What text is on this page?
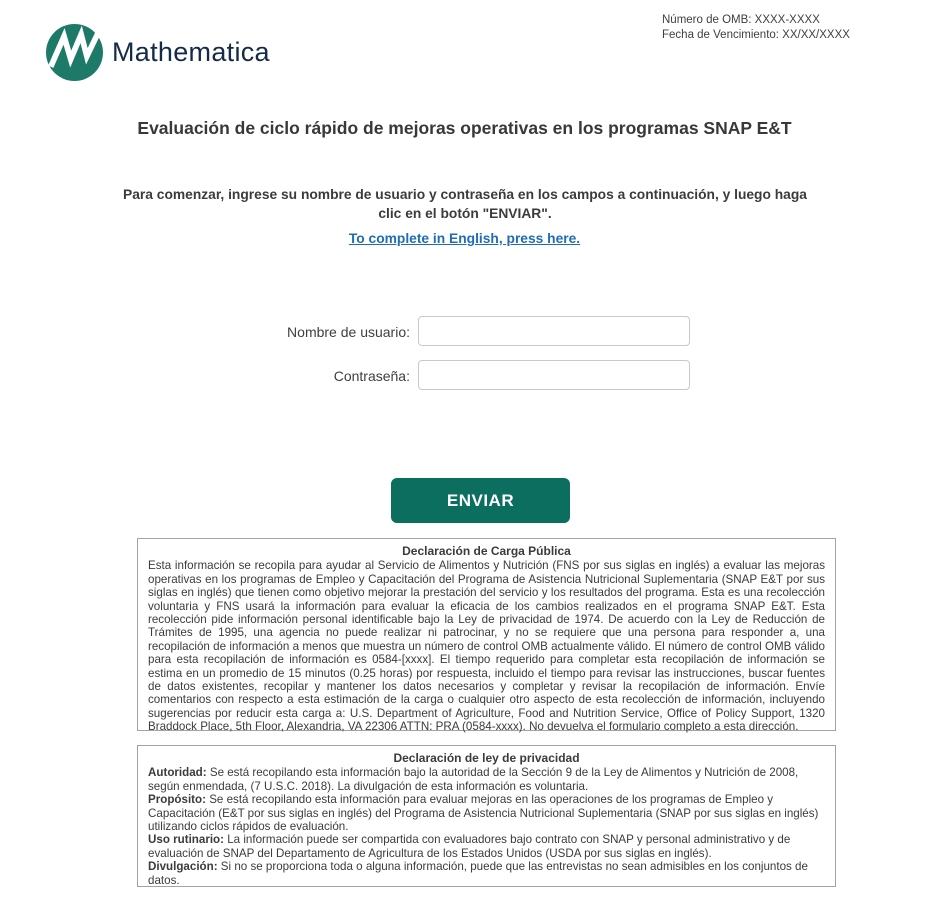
Mathematica
Número de OMB: XXXX-XXXX
Fecha de Vencimiento: XX/XX/XXXX
Evaluación de ciclo rápido de mejoras operativas en los programas SNAP E&T
Para comenzar, ingrese su nombre de usuario y contraseña en los campos a continuación, y luego haga clic en el botón "ENVIAR".
To complete in English, press here.
Nombre de usuario:
Contraseña:
ENVIAR
Declaración de Carga Pública
Esta información se recopila para ayudar al Servicio de Alimentos y Nutrición (FNS por sus siglas en inglés) a evaluar las mejoras operativas en los programas de Empleo y Capacitación del Programa de Asistencia Nutricional Suplementaria (SNAP E&T por sus siglas en inglés) que tienen como objetivo mejorar la prestación del servicio y los resultados del programa. Esta es una recolección voluntaria y FNS usará la información para evaluar la eficacia de los cambios realizados en el programa SNAP E&T. Esta recolección pide información personal identificable bajo la Ley de privacidad de 1974. De acuerdo con la Ley de Reducción de Trámites de 1995, una agencia no puede realizar ni patrocinar, y no se requiere que una persona para responder a, una recopilación de información a menos que muestra un número de control OMB actualmente válido. El número de control OMB válido para esta recopilación de información es 0584-[xxxx]. El tiempo requerido para completar esta recopilación de información se estima en un promedio de 15 minutos (0.25 horas) por respuesta, incluido el tiempo para revisar las instrucciones, buscar fuentes de datos existentes, recopilar y mantener los datos necesarios y completar y revisar la recopilación de información. Envíe comentarios con respecto a esta estimación de la carga o cualquier otro aspecto de esta recolección de información, incluyendo sugerencias por reducir esta carga a: U.S. Department of Agriculture, Food and Nutrition Service, Office of Policy Support, 1320 Braddock Place, 5th Floor, Alexandria, VA 22306 ATTN: PRA (0584-xxxx). No devuelva el formulario completo a esta dirección.
Declaración de ley de privacidad
Autoridad: Se está recopilando esta información bajo la autoridad de la Sección 9 de la Ley de Alimentos y Nutrición de 2008, según enmendada, (7 U.S.C. 2018). La divulgación de esta información es voluntaria.
Propósito: Se está recopilando esta información para evaluar mejoras en las operaciones de los programas de Empleo y Capacitación (E&T por sus siglas en inglés) del Programa de Asistencia Nutricional Suplementaria (SNAP por sus siglas en inglés) utilizando ciclos rápidos de evaluación.
Uso rutinario: La información puede ser compartida con evaluadores bajo contrato con SNAP y personal administrativo y de evaluación de SNAP del Departamento de Agricultura de los Estados Unidos (USDA por sus siglas en inglés).
Divulgación: Si no se proporciona toda o alguna información, puede que las entrevistas no sean admisibles en los conjuntos de datos.
